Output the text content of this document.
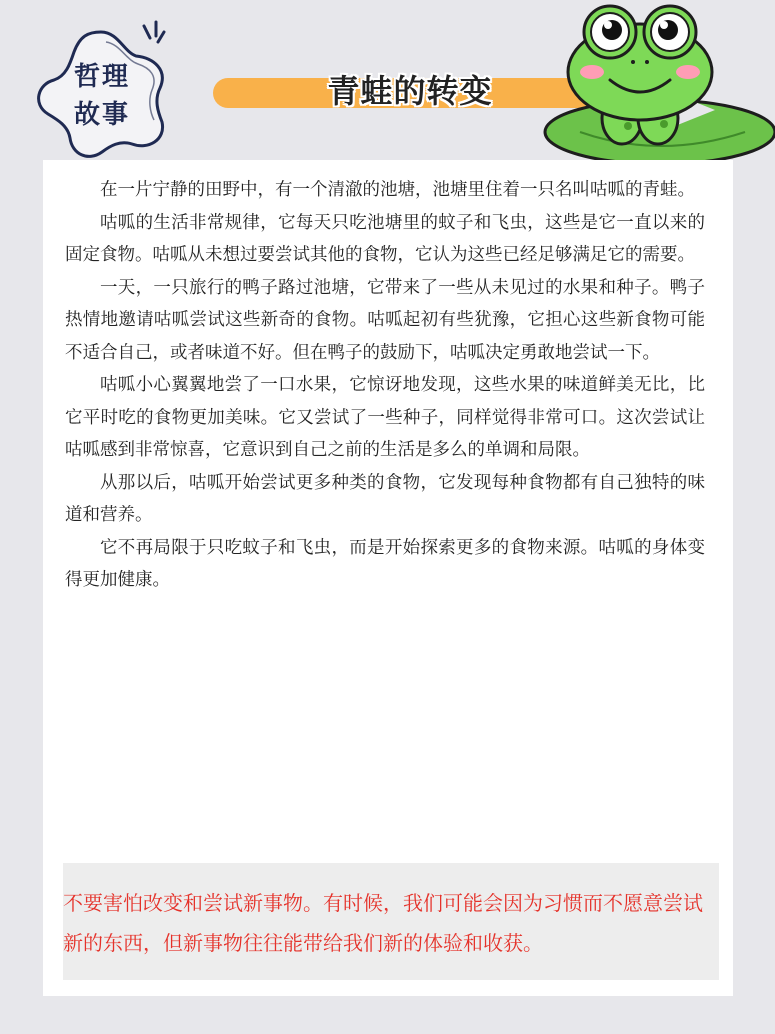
哲理
故事
青蛙的转变

在一片宁静的田野中，有一个清澈的池塘，池塘里住着一只名叫咕呱的青蛙。

咕呱的生活非常规律，它每天只吃池塘里的蚊子和飞虫，这些是它一直以来的固定食物。咕呱从未想过要尝试其他的食物，它认为这些已经足够满足它的需要。

一天，一只旅行的鸭子路过池塘，它带来了一些从未见过的水果和种子。鸭子热情地邀请咕呱尝试这些新奇的食物。咕呱起初有些犹豫，它担心这些新食物可能不适合自己，或者味道不好。但在鸭子的鼓励下，咕呱决定勇敢地尝试一下。

咕呱小心翼翼地尝了一口水果，它惊讶地发现，这些水果的味道鲜美无比，比它平时吃的食物更加美味。它又尝试了一些种子，同样觉得非常可口。这次尝试让咕呱感到非常惊喜，它意识到自己之前的生活是多么的单调和局限。

从那以后，咕呱开始尝试更多种类的食物，它发现每种食物都有自己独特的味道和营养。

它不再局限于只吃蚊子和飞虫，而是开始探索更多的食物来源。咕呱的身体变得更加健康。

不要害怕改变和尝试新事物。有时候，我们可能会因为习惯而不愿意尝试新的东西，但新事物往往能带给我们新的体验和收获。
